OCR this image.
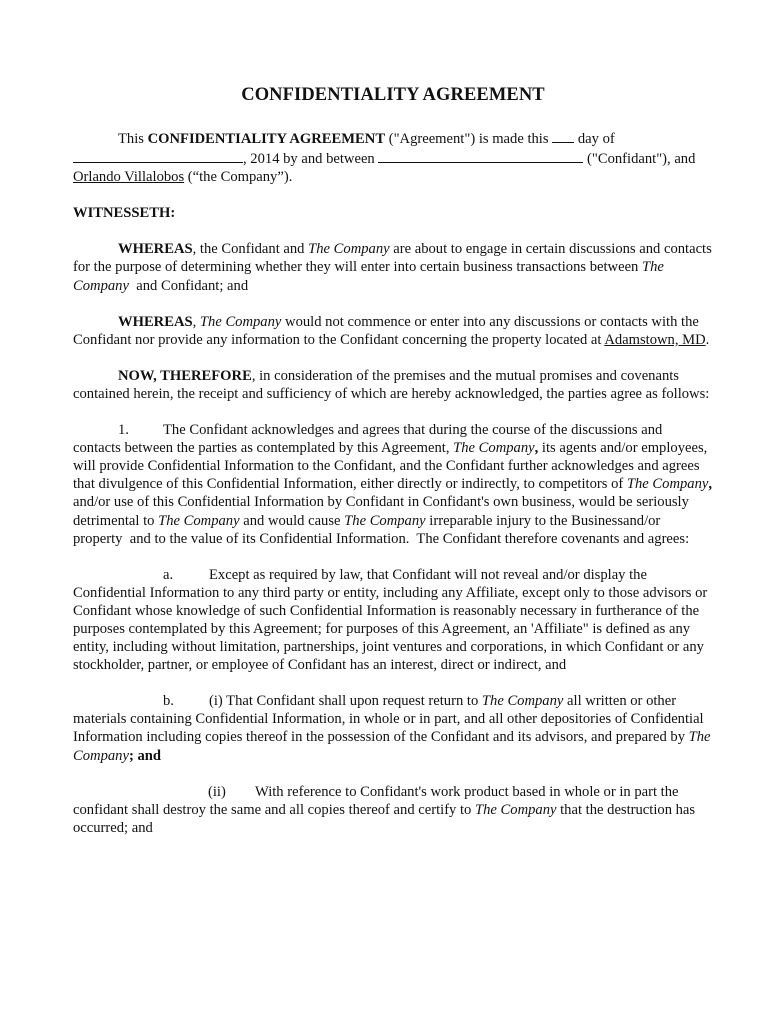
CONFIDENTIALITY AGREEMENT

This CONFIDENTIALITY AGREEMENT ("Agreement") is made this  day of
, 2014 by and between	("Confidant"), and
Orlando Villalobos (“the Company”).

WITNESSETH:

WHEREAS, the Confidant and The Company are about to engage in certain discussions and contacts for the purpose of determining whether they will enter into certain business transactions between The Company  and Confidant; and

WHEREAS, The Company would not commence or enter into any discussions or contacts with the Confidant nor provide any information to the Confidant concerning the property located at Adamstown, MD.

NOW, THEREFORE, in consideration of the premises and the mutual promises and covenants contained herein, the receipt and sufficiency of which are hereby acknowledged, the parties agree as follows:

1. The Confidant acknowledges and agrees that during the course of the discussions and contacts between the parties as contemplated by this Agreement, The Company, its agents and/or employees, will provide Confidential Information to the Confidant, and the Confidant further acknowledges and agrees that divulgence of this Confidential Information, either directly or indirectly, to competitors of The Company, and/or use of this Confidential Information by Confidant in Confidant's own business, would be seriously detrimental to The Company and would cause The Company irreparable injury to the Businessand/or property  and to the value of its Confidential Information.  The Confidant therefore covenants and agrees:

a. Except as required by law, that Confidant will not reveal and/or display the Confidential Information to any third party or entity, including any Affiliate, except only to those advisors or Confidant whose knowledge of such Confidential Information is reasonably necessary in furtherance of the purposes contemplated by this Agreement; for purposes of this Agreement, an 'Affiliate" is defined as any entity, including without limitation, partnerships, joint ventures and corporations, in which Confidant or any stockholder, partner, or employee of Confidant has an interest, direct or indirect, and

b. (i) That Confidant shall upon request return to The Company all written or other materials containing Confidential Information, in whole or in part, and all other depositories of Confidential Information including copies thereof in the possession of the Confidant and its advisors, and prepared by The Company; and

(ii) With reference to Confidant's work product based in whole or in part the confidant shall destroy the same and all copies thereof and certify to The Company that the destruction has occurred; and
